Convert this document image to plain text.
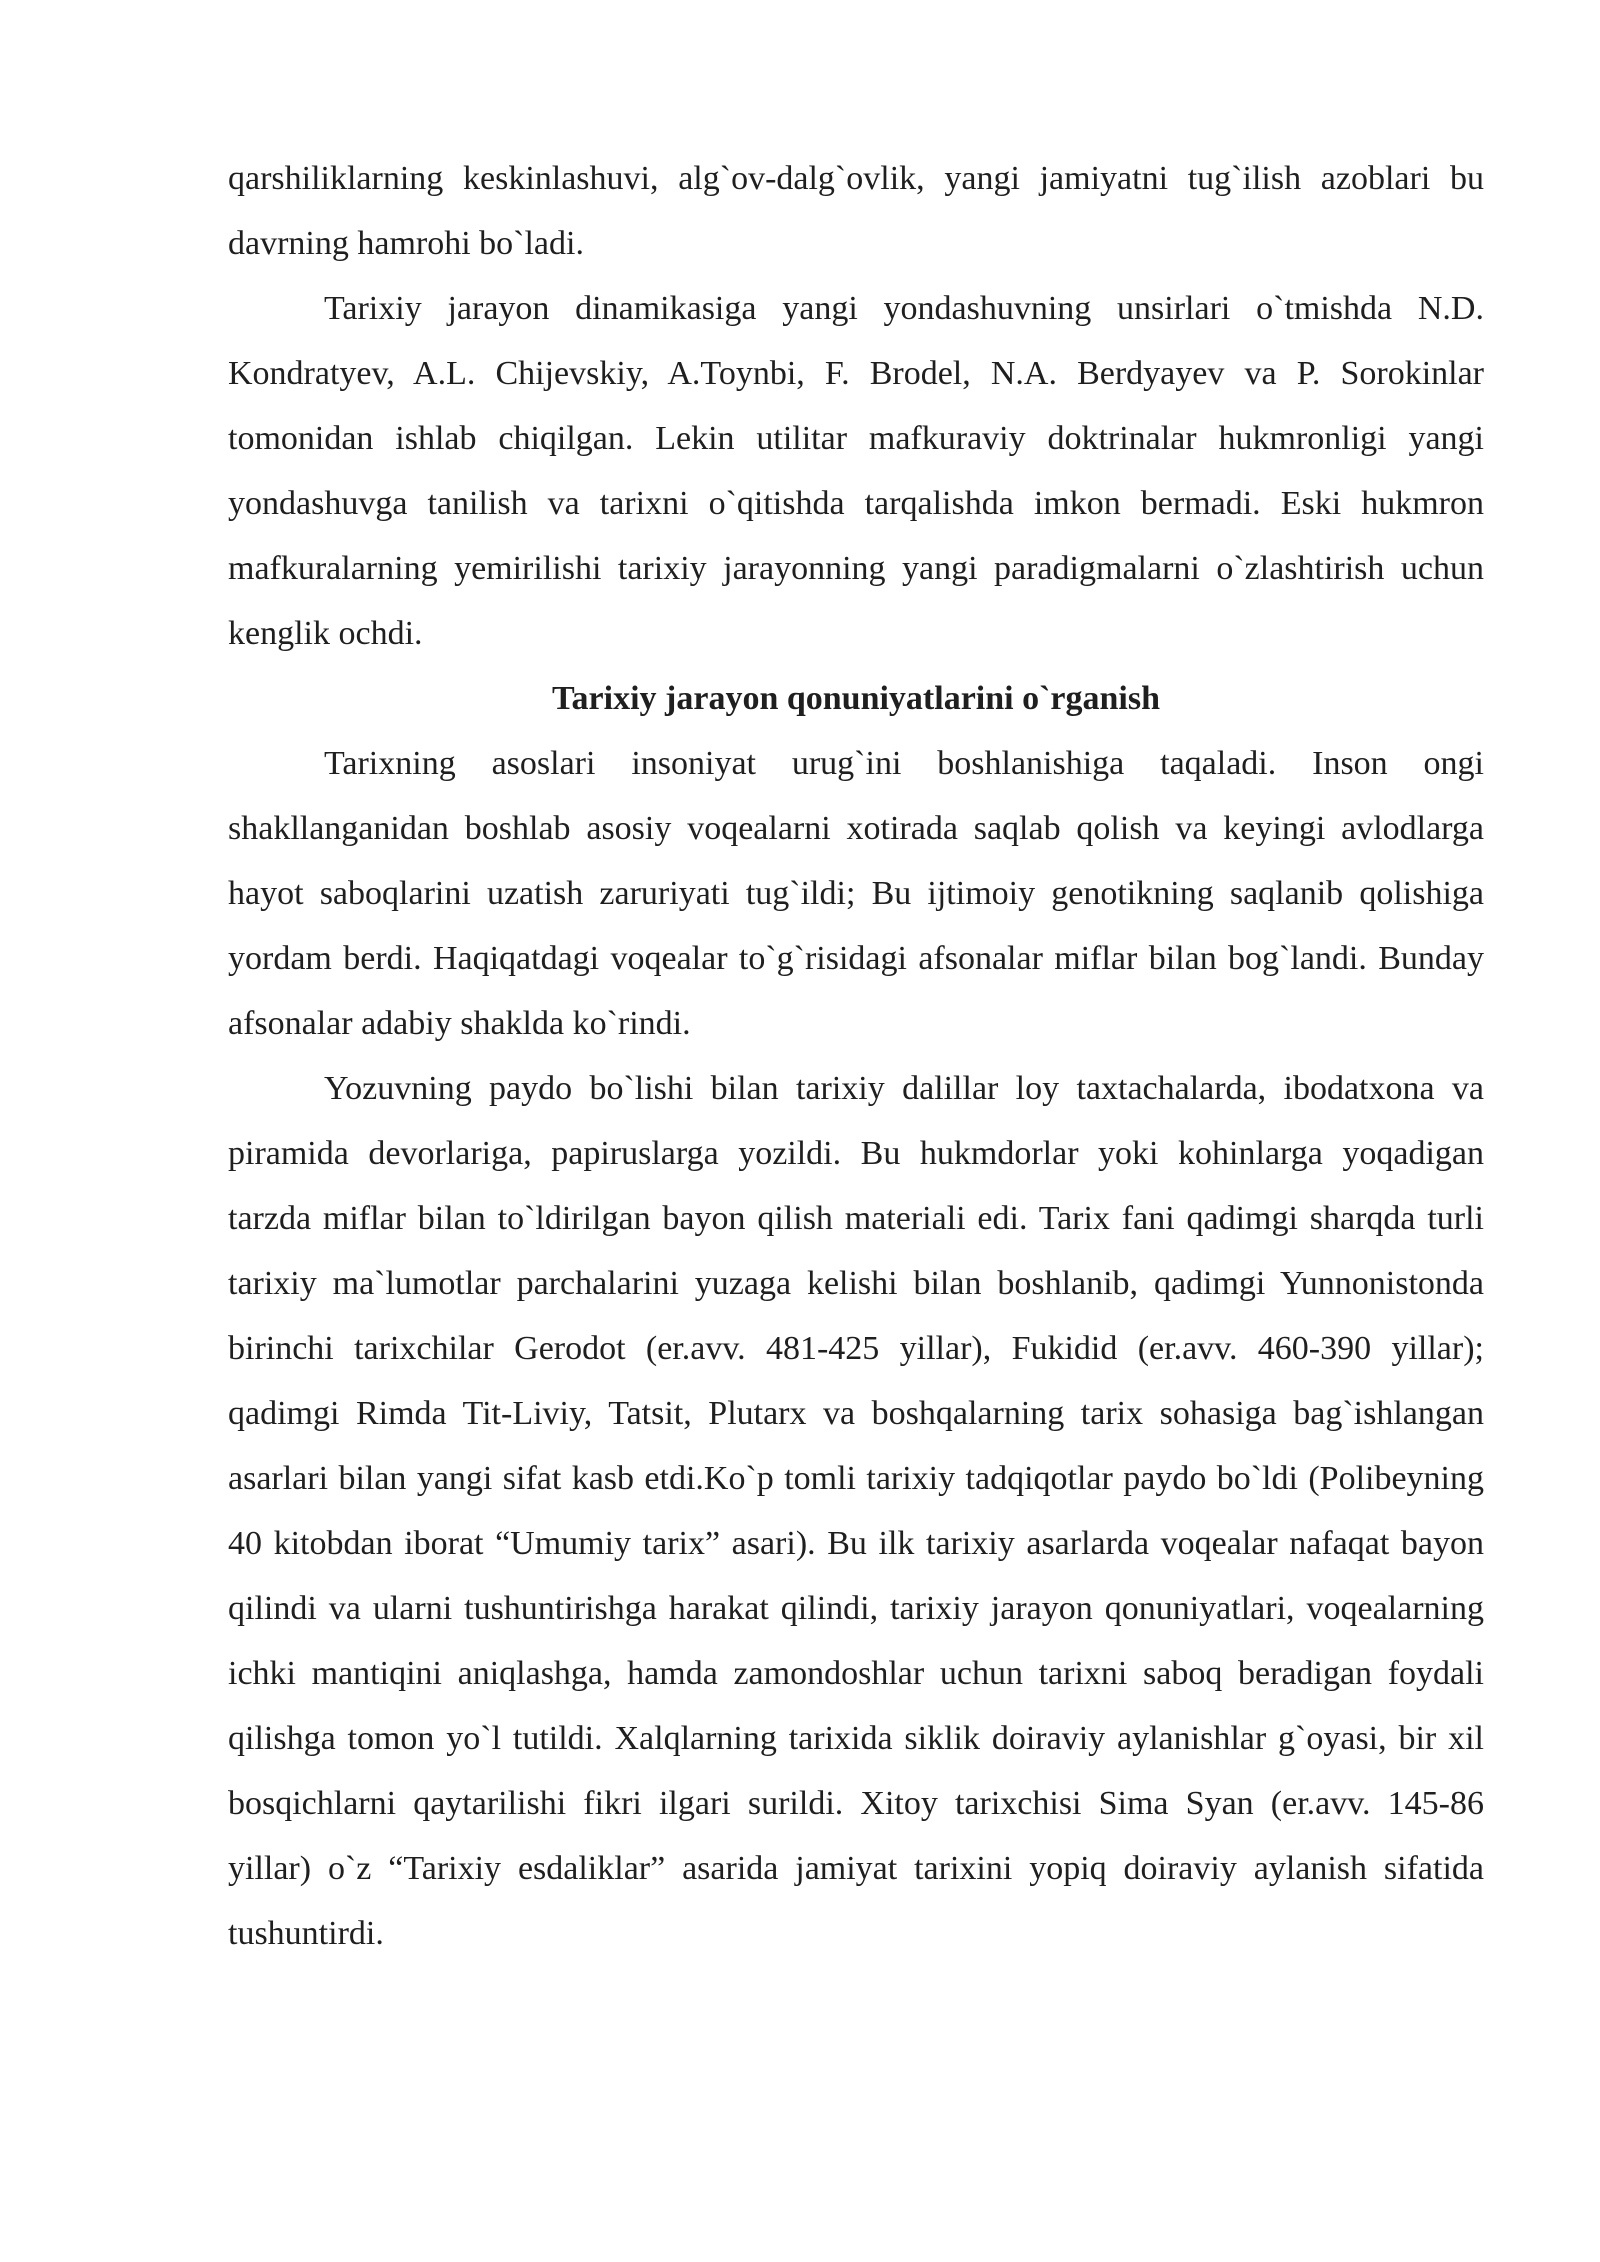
qarshiliklarning keskinlashuvi, alg`ov-dalg`ovlik, yangi jamiyatni tug`ilish azoblari bu davrning hamrohi bo`ladi.

Tarixiy jarayon dinamikasiga yangi yondashuvning unsirlari o`tmishda N.D. Kondratyev, A.L. Chijevskiy, A.Toynbi, F. Brodel, N.A. Berdyayev va P. Sorokinlar tomonidan ishlab chiqilgan. Lekin utilitar mafkuraviy doktrinalar hukmronligi yangi yondashuvga tanilish va tarixni o`qitishda tarqalishda imkon bermadi. Eski hukmron mafkuralarning yemirilishi tarixiy jarayonning yangi paradigmalarni o`zlashtirish uchun kenglik ochdi.

Tarixiy jarayon qonuniyatlarini o`rganish

Tarixning asoslari insoniyat urug`ini boshlanishiga taqaladi. Inson ongi shakllanganidan boshlab asosiy voqealarni xotirada saqlab qolish va keyingi avlodlarga hayot saboqlarini uzatish zaruriyati tug`ildi; Bu ijtimoiy genotikning saqlanib qolishiga yordam berdi. Haqiqatdagi voqealar to`g`risidagi afsonalar miflar bilan bog`landi. Bunday afsonalar adabiy shaklda ko`rindi.

Yozuvning paydo bo`lishi bilan tarixiy dalillar loy taxtachalarda, ibodatxona va piramida devorlariga, papiruslarga yozildi. Bu hukmdorlar yoki kohinlarga yoqadigan tarzda miflar bilan to`ldirilgan bayon qilish materiali edi. Tarix fani qadimgi sharqda turli tarixiy ma`lumotlar parchalarini yuzaga kelishi bilan boshlanib, qadimgi Yunnonistonda birinchi tarixchilar Gerodot (er.avv. 481-425 yillar), Fukidid (er.avv. 460-390 yillar); qadimgi Rimda Tit-Liviy, Tatsit, Plutarx va boshqalarning tarix sohasiga bag`ishlangan asarlari bilan yangi sifat kasb etdi.Ko`p tomli tarixiy tadqiqotlar paydo bo`ldi (Polibeyning 40 kitobdan iborat “Umumiy tarix” asari). Bu ilk tarixiy asarlarda voqealar nafaqat bayon qilindi va ularni tushuntirishga harakat qilindi, tarixiy jarayon qonuniyatlari, voqealarning ichki mantiqini aniqlashga, hamda zamondoshlar uchun tarixni saboq beradigan foydali qilishga tomon yo`l tutildi. Xalqlarning tarixida siklik doiraviy aylanishlar g`oyasi, bir xil bosqichlarni qaytarilishi fikri ilgari surildi. Xitoy tarixchisi Sima Syan (er.avv. 145-86 yillar) o`z “Tarixiy esdaliklar” asarida jamiyat tarixini yopiq doiraviy aylanish sifatida tushuntirdi.
